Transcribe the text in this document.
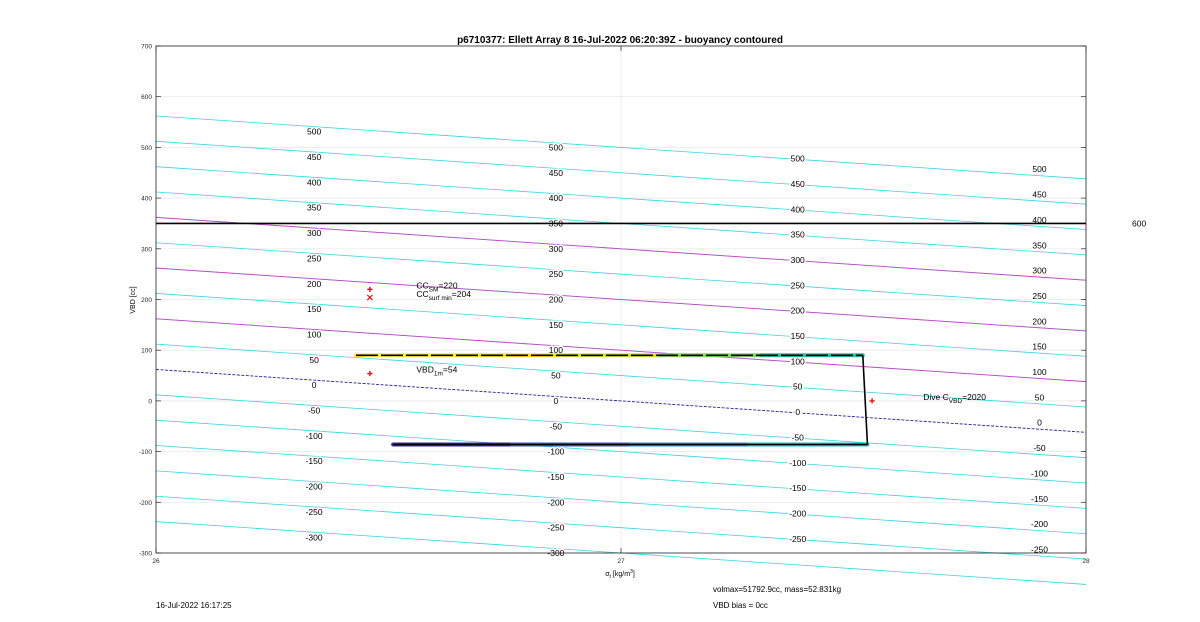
p6710377: Ellett Array 8 16-Jul-2022 06:20:39Z - buoyancy contoured
500
450
400
350
300
250
200
150
100
50
0
-50
-100
-150
-200
-250
-300
500
450
400
350
300
250
200
150
100
50
0
-50
-100
-150
-200
-250
-300
500
450
400
350
300
250
200
150
100
50
0
-50
-100
-150
-200
-250
500
450
400
350
300
250
200
150
100
50
0
-50
-100
-150
-200
-250
600
$CC_{SM}=220$
$CC_{surf min}=204$
$VBD_{1m}=54$
Dive $C_{VBD}=2020$
-300
-200
-100
0
100
200
300
400
500
600
700
26	27	28
VBD [cc]
$\sigma_t$ $[kg/m^3]$
16-Jul-2022 16:17:25
volmax=51792.9cc, mass=52.831kg
VBD bias = 0cc
